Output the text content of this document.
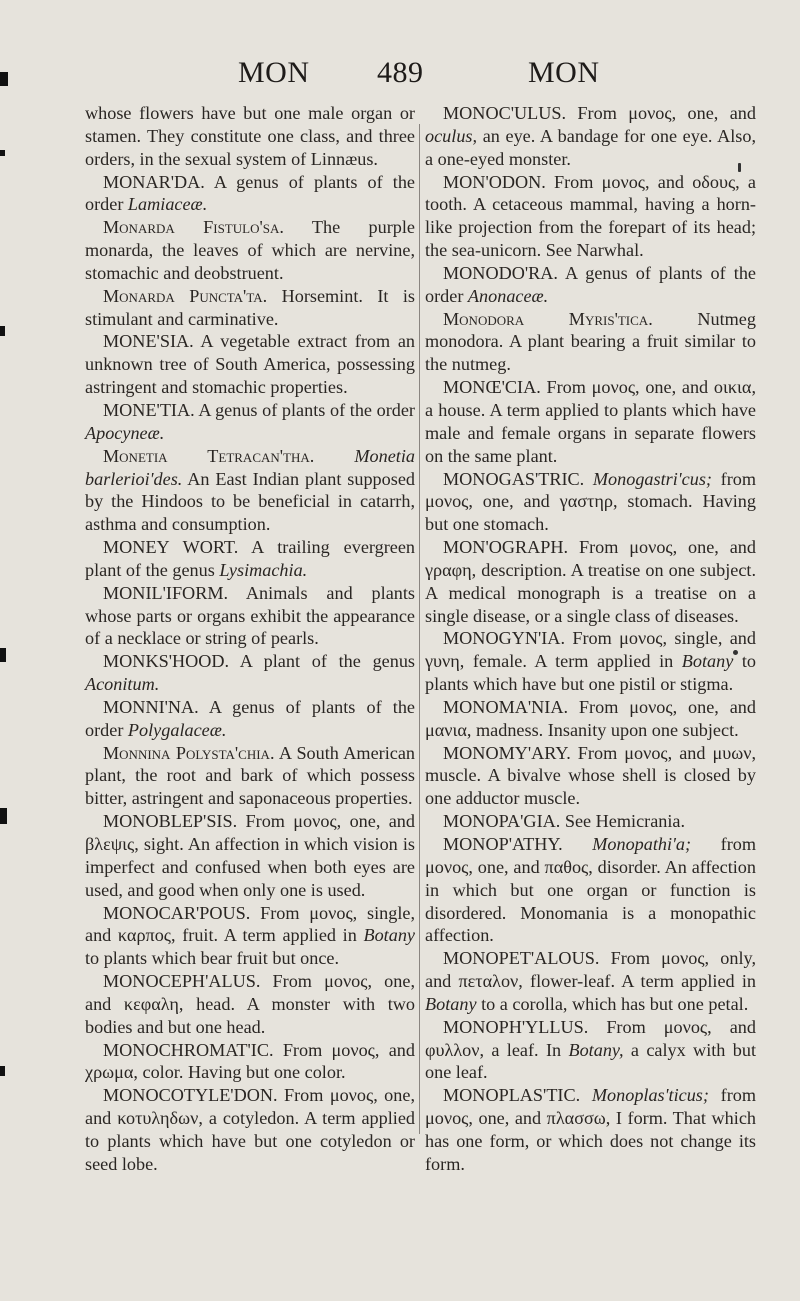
MON 489	MON

whose flowers have but one male organ or stamen. They constitute one class, and three orders, in the sexual system of Linnæus.

MONAR'DA. A genus of plants of the order Lamiaceæ.

Monarda Fistulo'sa. The purple monarda, the leaves of which are nervine, stomachic and deobstruent.

Monarda Puncta'ta. Horsemint. It is stimulant and carminative.

MONE'SIA. A vegetable extract from an unknown tree of South America, possessing astringent and stomachic properties.

MONE'TIA. A genus of plants of the order Apocyneæ.

Monetia Tetracan'tha. Monetia barlerioi'des. An East Indian plant supposed by the Hindoos to be beneficial in catarrh, asthma and consumption.

MONEY WORT. A trailing evergreen plant of the genus Lysimachia.

MONIL'IFORM. Animals and plants whose parts or organs exhibit the appearance of a necklace or string of pearls.

MONKS'HOOD. A plant of the genus Aconitum.

MONNI'NA. A genus of plants of the order Polygalaceæ.

Monnina Polysta'chia. A South American plant, the root and bark of which possess bitter, astringent and saponaceous properties.

MONOBLEP'SIS. From μονος, one, and βλεψις, sight. An affection in which vision is imperfect and confused when both eyes are used, and good when only one is used.

MONOCAR'POUS. From μονος, single, and καρπος, fruit. A term applied in Botany to plants which bear fruit but once.

MONOCEPH'ALUS. From μονος, one, and κεφαλη, head. A monster with two bodies and but one head.

MONOCHROMAT'IC. From μονος, and χρωμα, color. Having but one color.

MONOCOTYLE'DON. From μονος, one, and κοτυληδων, a cotyledon. A term applied to plants which have but one cotyledon or seed lobe.

MONOC'ULUS. From μονος, one, and oculus, an eye. A bandage for one eye. Also, a one-eyed monster.

MON'ODON. From μονος, and οδους, a tooth. A cetaceous mammal, having a horn-like projection from the forepart of its head; the sea-unicorn. See Narwhal.

MONODO'RA. A genus of plants of the order Anonaceæ.

Monodora Myris'tica. Nutmeg monodora. A plant bearing a fruit similar to the nutmeg.

MONŒ'CIA. From μονος, one, and οικια, a house. A term applied to plants which have male and female organs in separate flowers on the same plant.

MONOGAS'TRIC. Monogastri'cus; from μονος, one, and γαστηρ, stomach. Having but one stomach.

MON'OGRAPH. From μονος, one, and γραφη, description. A treatise on one subject. A medical monograph is a treatise on a single disease, or a single class of diseases.

MONOGYN'IA. From μονος, single, and γυνη, female. A term applied in Botany to plants which have but one pistil or stigma.

MONOMA'NIA. From μονος, one, and μανια, madness. Insanity upon one subject.

MONOMY'ARY. From μονος, and μυων, muscle. A bivalve whose shell is closed by one adductor muscle.

MONOPA'GIA. See Hemicrania.

MONOP'ATHY. Monopathi'a; from μονος, one, and παθος, disorder. An affection in which but one organ or function is disordered. Monomania is a monopathic affection.

MONOPET'ALOUS. From μονος, only, and πεταλον, flower-leaf. A term applied in Botany to a corolla, which has but one petal.

MONOPH'YLLUS. From μονος, and φυλλον, a leaf. In Botany, a calyx with but one leaf.

MONOPLAS'TIC. Monoplas'ticus; from μονος, one, and πλασσω, I form. That which has one form, or which does not change its form.
